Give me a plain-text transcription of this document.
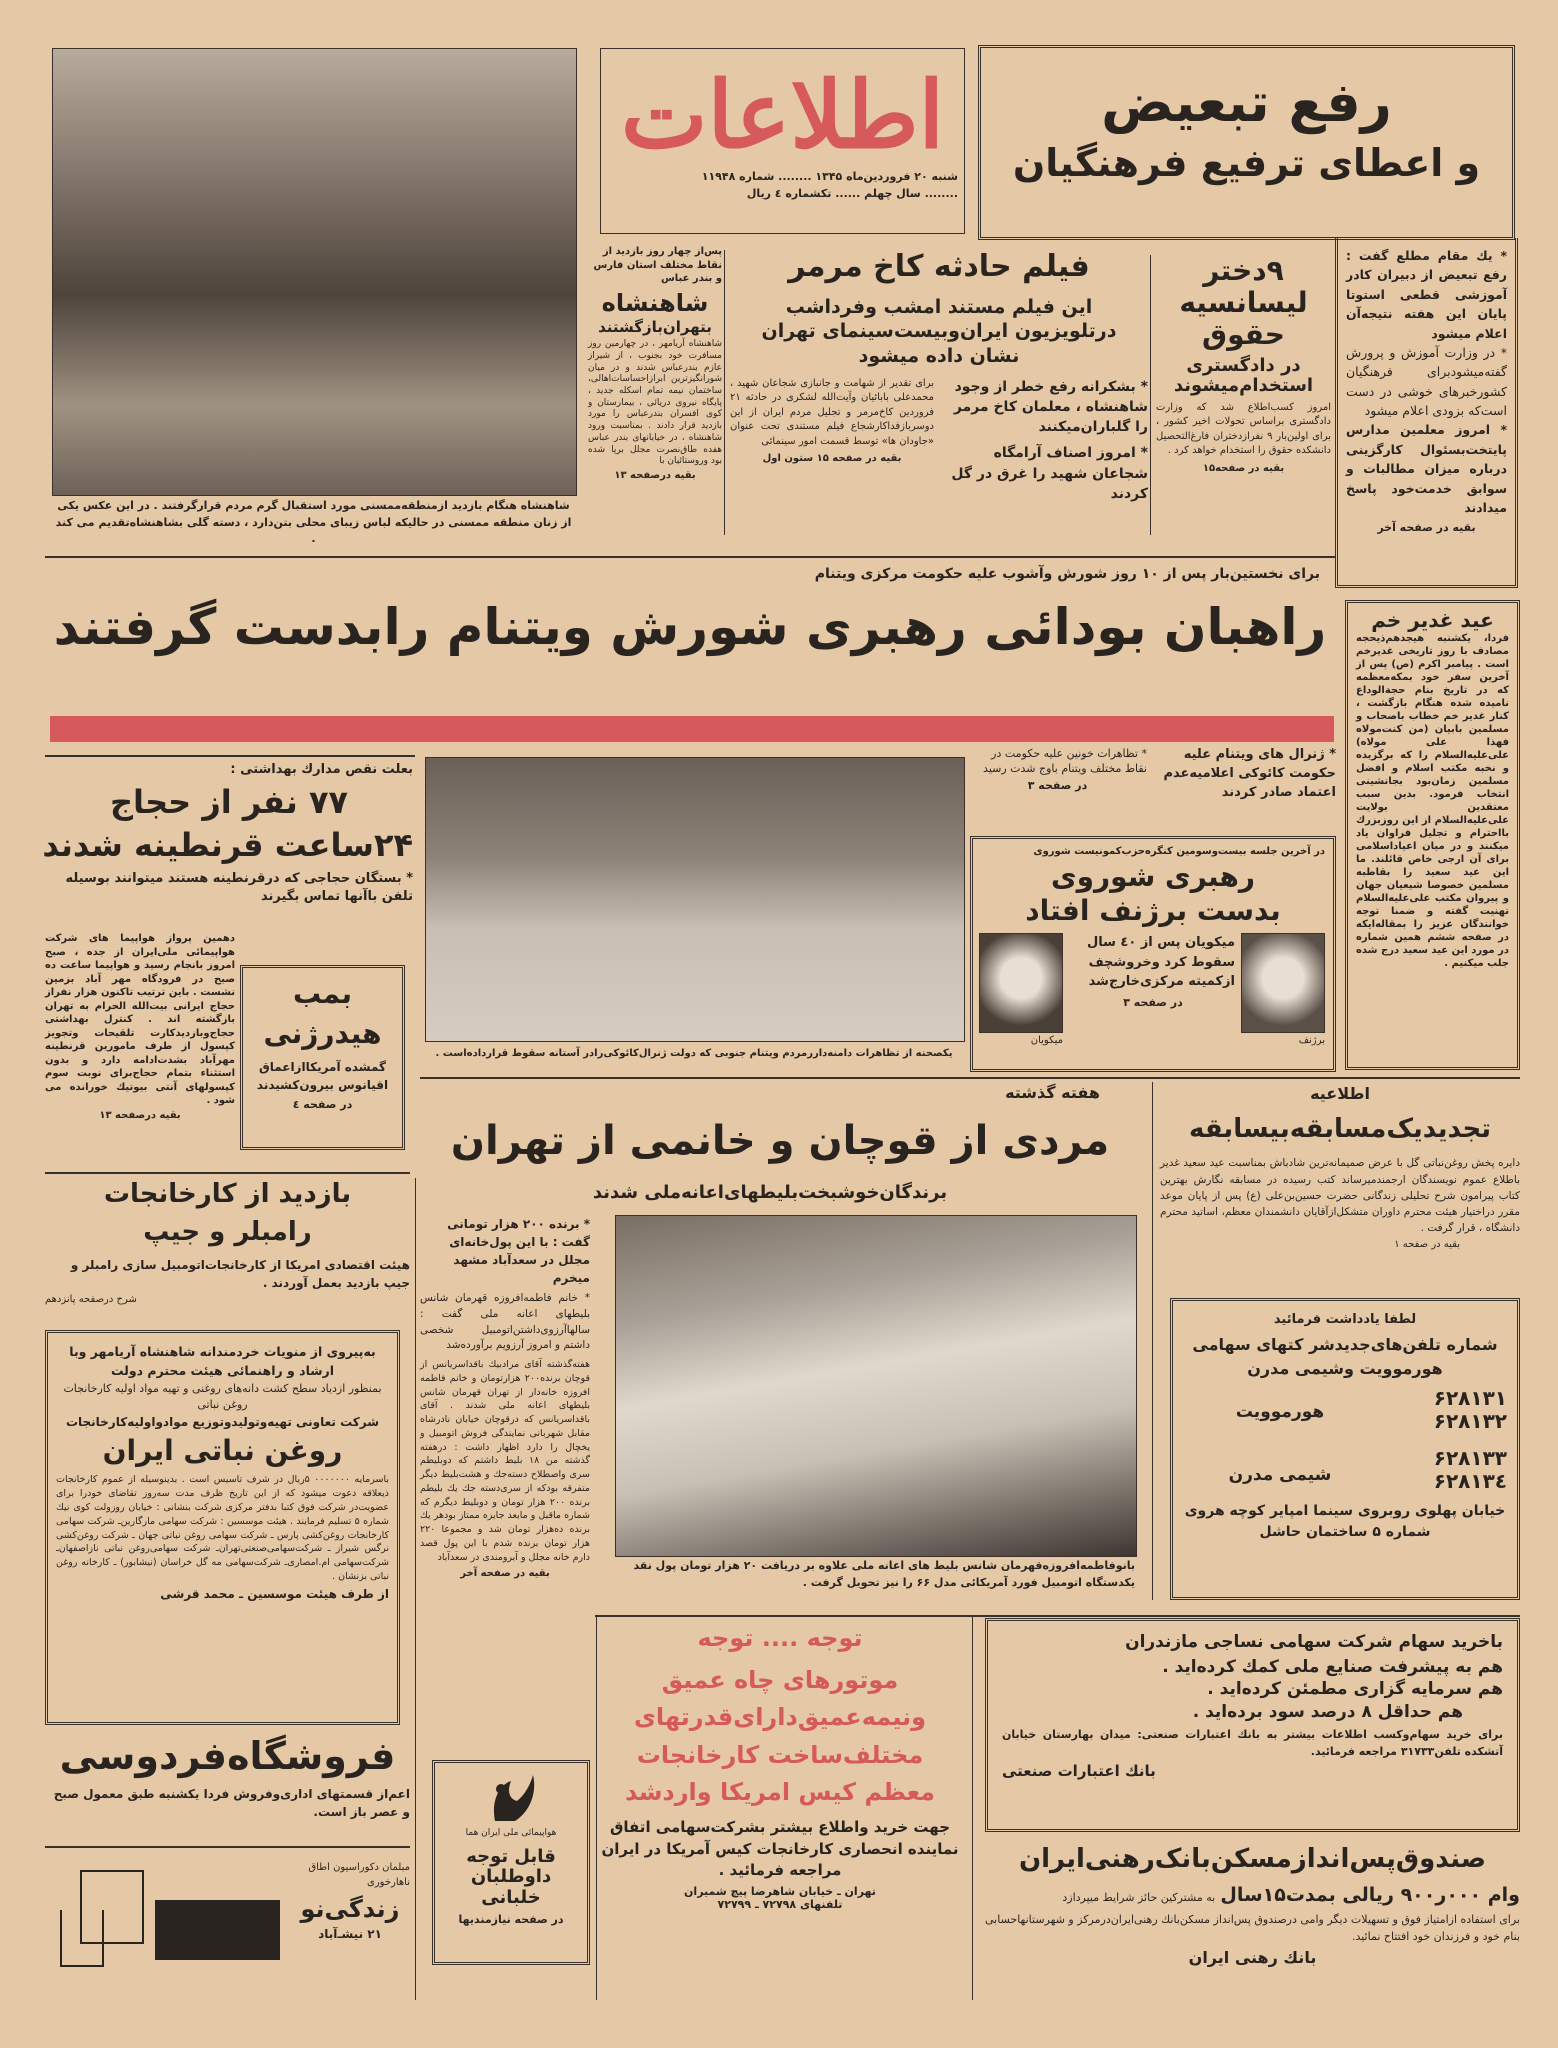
شاهنشاه هنگام بازدید ازمنطقه‌ممسنی مورد استقبال گرم مردم قرارگرفتند . در این عکس یکی از زنان منطقه ممسنی در حالیکه لباس زیبای محلی بتن‌دارد ، دسته گلی بشاهنشاه‌تقدیم می کند .
اطلاعات
شنبه ۲۰ فروردین‌ماه ۱۳۴۵ ........ شماره ۱۱۹۴۸
........ سال چهلم ...... تکشماره ٤ ریال
رفع تبعیض
و اعطای ترفیع فرهنگیان
* یك مقام مطلع گفت : رفع تبعیض از دبیران کادر آموزشی قطعی استوتا پایان این هفته نتیجه‌آن اعلام میشود
* در وزارت آموزش و پرورش گفته‌میشود‌برای فرهنگیان کشورخبرهای خوشی در دست است‌که بزودی اعلام میشود
* امروز معلمین مدارس پایتخت‌بسئوال کارگزینی درباره میزان مطالبات و سوابق خدمت‌خود پاسخ میدادند
بقیه در صفحه آخر
پس‌از چهار روز بازدید از نقاط مختلف استان فارس و بندر عباس
شاهنشاه
بتهران‌بازگشتند
شاهنشاه آریامهر ، در چهارمین روز مسافرت خود بجنوب ، از شیراز عازم بندرعباس شدند و در میان شورانگیزترین ابرازاحساسات‌اهالی، ساختمان نیمه تمام اسکله جدید ، پایگاه نیروی دریائی ، بیمارستان و کوی افسران بندرعباس را مورد بازدید قرار دادند . بمناسبت ورود شاهنشاه ، در خیابانهای بندر عباس هفده طاق‌نصرت مجلل برپا شده بود وروستائیان با
بقیه درصفحه ۱۳
فیلم حادثه کاخ مرمر
این فیلم مستند امشب وفرداشب درتلویزیون ایران‌وبیست‌سینمای تهران نشان داده میشود
* بشکرانه رفع خطر از وجود شاهنشاه ، معلمان کاخ مرمر را گلباران‌میکنند
* امروز اصناف آرامگاه شجاعان شهید را غرق در گل کردند
برای تقدیر از شهامت و جانبازی شجاعان شهید ، محمدعلی بابائیان وآیت‌الله لشکری در حادثه ۲۱ فروردین کاخ‌مرمر و تجلیل مردم ایران از این دوسربازفداکارشجاع فیلم مستندی تحت عنوان «جاودان ها» توسط قسمت امور سینمائی
بقیه در صفحه ۱۵ ستون اول
۹دختر
لیسانسیه
حقوق
در دادگستری
استخدام‌میشوند
امروز کسب‌اطلاع شد که وزارت دادگستری براساس تحولات اخیر کشور ، برای اولین‌بار ۹ نفرازدختران فارغ‌التحصیل دانشکده حقوق را استخدام خواهد کرد .
بقیه در صفحه۱۵
برای نخستین‌بار پس از ۱۰ روز شورش وآشوب علیه حکومت مرکزی ویتنام
راهبان بودائی رهبری شورش ویتنام رابدست گرفتند	عید غدیر خم
فردا، یکشنبه هیجدهم‌ذیحجه مصادف با روز تاریخی غدیرخم است . پیامبر اکرم (ص) پس از آخرین سفر خود بمکه‌معظمه که در تاریخ بنام حجة‌الوداع نامیده شده هنگام بازگشت ، کنار غدیر خم خطاب باصحاب و مسلمین بابیان (من کنت‌مولاه فهذا علی مولاه) علی‌علیه‌السلام را که برگزیده و نخبه مکتب اسلام و افضل مسلمین زمان‌بود بجانشینی انتخاب فرمود. بدین سبب معتقدین بولایت علی‌علیه‌السلام از این روزبزرك بااحترام و تجلیل فراوان یاد میکنند و در میان اعیاداسلامی برای آن ارجی خاص قائلند. ما این عید سعید را بقاطبه مسلمین خصوصا شیعیان جهان و پیروان مکتب علی‌علیه‌السلام تهنیت گفته و ضمنا توجه خوانندگان عزیز را بمقاله‌ایکه در صفحه ششم همین شماره در مورد این عید سعید درج شده جلب میکنیم .
بعلت نقص مدارك بهداشتی :
۷۷ نفر از حجاج
۲۴ساعت قرنطینه شدند
* بستگان حجاجی که درقرنطینه هستند میتوانند بوسیله تلفن باآنها تماس بگیرند
دهمین پرواز هواپیما های شرکت هواپیمائی ملی‌ایران از جده ، صبح امروز بانجام رسید و هواپیما ساعت ده صبح در فرودگاه مهر آباد بزمین نشست . باین ترتیب تاکنون هزار نفراز حجاج ایرانی بیت‌الله الحرام به تهران بازگشته اند . کنترل بهداشتی حجاج‌وبازدیدکارت تلقیحات وتجویز کپسول از طرف مامورین قرنطینه مهرآباد بشدت‌ادامه دارد و بدون استثناء بتمام حجاج‌برای نوبت سوم کپسولهای آنتی بیوتیك خورانده می شود .
بقیه درصفحه ۱۳
بمب
هیدرژنی
گمشده آمریکاازاعماق اقیانوس بیرون‌کشیدند
در صفحه ٤
یکصحنه از تظاهرات دامنه‌داررمردم ویتنام جنوبی که دولت ژنرال‌کائوکی‌رادر آستانه سقوط قرارداده‌است .
* ژنرال های ویتنام علیه حکومت کائوکی اعلامیه‌عدم اعتماد صادر کردند
* تظاهرات خونین علیه حکومت در نقاط مختلف ویتنام باوج شدت رسید
در صفحه ۳
در آخرین جلسه بیست‌وسومین کنگره‌حزب‌کمونیست شوروی
رهبری شوروی
بدست برژنف افتاد
برژنف
میکویان پس از ٤۰ سال سقوط کرد وخروشچف ازکمیته مرکزی‌خارج‌شد
در صفحه ۳
میکویان
هفته گذشته
مردی از قوچان و خانمی از تهران
برندگان‌خوشبخت‌بلیطهای‌اعانه‌ملی شدند
* برنده ۲۰۰ هزار تومانی گفت : با این پول‌خانه‌ای مجلل در سعدآباد مشهد میخرم
* خانم فاطمه‌افروزه قهرمان شانس بلیطهای اعانه ملی گفت : سالها‌آرزوی‌داشتن‌اتومبیل شخصی داشتم و امروز آرزویم برآورده‌شد
هفته‌گذشته آقای مرادبیك باقداسریانس از قوچان برنده‌۲۰۰ هزارتومان و خانم فاطمه افروزه خانه‌دار از تهران قهرمان شانس بلیطهای اعانه ملی شدند . آقای باقداسریانس که درقوچان خیابان نادرشاه مقابل شهربانی نمایندگی فروش اتومبیل و یخچال را دارد اظهار داشت : درهفته گذشته من ۱۸ بلیط داشتم که دوبلیطم سری واصطلاح دسته‌جك و هشت‌بلیط دیگر متفرقه بودکه از سری‌دسته جك یك بلیطم برنده ۲۰۰ هزار تومان و دوبلیط دیگرم که شماره ماقبل و مابعد جایزه ممتاز بودهر یك برنده ده‌هزار تومان شد و مجموعا ۲۲۰ هزار تومان برنده شدم با این پول قصد دارم خانه مجلل و آبرومندی در سعدآباد
بقیه در صفحه آخر
بانوفاطمه‌افروزه‌قهرمان شانس بلیط های اعانه ملی علاوه بر دریافت ۲۰ هزار تومان پول نقد یکدستگاه اتومبیل فورد آمریکائی مدل ۶۶ را نیز تحویل گرفت .
اطلاعیه
تجدیدیک‌مسابقه‌بیسابقه
دایره پخش روغن‌نباتی گل با عرض صمیمانه‌ترین شادباش بمناسبت عید سعید غدیر باطلاع عموم نویسندگان ارجمندمیرساند کتب رسیده در مسابقه نگارش بهترین کتاب پیرامون شرح تحلیلی زندگانی حضرت حسین‌بن‌علی (ع) پس از پایان موعد مقرر دراختیار هیئت محترم داوران متشکل‌ازآقایان دانشمندان معظم، اساتید محترم دانشگاه ، قرار گرفت .
بقیه در صفحه ۱
لطفا یادداشت فرمائید
شماره تلفن‌های‌جدیدشر کتهای سهامی
هورموویت وشیمی مدرن
۶۲۸۱۳۱
۶۲۸۱۳۲
۶۲۸۱۳۳
۶۲۸۱۳٤
هورموویت
شیمی مدرن
خیابان پهلوی روبروی سینما امپایر کوچه هروی شماره ۵ ساختمان حاشل
بازدید از کارخانجات
رامبلر و جیپ
هیئت اقتصادی امریکا از کارخانجات‌اتومبیل سازی رامبلر و جیپ بازدید بعمل آوردند .
شرح درصفحه پانزدهم
به‌پیروی از منویات خردمندانه شاهنشاه آریامهر وبا ارشاد و راهنمائی هیئت محترم دولت
بمنظور ازدیاد سطح کشت دانه‌های روغنی و تهیه مواد اولیه کارخانجات روغن نباتی
شرکت تعاونی تهیه‌وتولیدوتوزیع موادواولیه‌کارخانجات
روغن نباتی ایران
باسرمایه ۰۰۰۰۰۰۰ ۵ریال در شرف تاسیس است . بدینوسیله از عموم کارخانجات ذیعلاقه دعوت میشود که از این تاریخ ظرف مدت سه‌روز تقاضای خودرا برای عضویت‌در شرکت فوق کتبا بدفتر مرکزی شرکت بنشانی : خیابان روزولت کوی نیك شماره ۵ تسلیم فرمایند . هیئت موسسین : شرکت سهامی مارگارین‌ـ شرکت سهامی کارخانجات روغن‌کشی پارس ـ شرکت سهامی روغن نباتی جهان ـ شرکت روغن‌کشی نرگس شیراز ـ شرکت‌سهامی‌صنعتی‌تهران‌ـ شرکت سهامی‌روغن نباتی نازاصفهان‌ـ شرکت‌سهامی ام.امصاری‌ـ شرکت‌سهامی مه گل خراسان (نیشابور) ـ کارخانه روغن نباتی بزنشان .
از طرف هیئت موسسین ـ محمد قرشی
فروشگاه‌فردوسی
اعم‌از قسمتهای اداری‌وفروش فردا یکشنبه طبق معمول صبح و عصر باز است.
مبلمان دکوراسیون اطاق ناهارخوری
زندگی‌نو
۲۱ نیشـ‌آباد
هواپیمائی ملی ایران هما
قابل توجه
داوطلبان خلبانی
در صفحه نیازمندیها
توجه .... توجه
موتورهای چاه عمیق
ونیمه‌عمیق‌دارای‌قدرتهای
مختلف‌ساخت کارخانجات
معظم کیس امریکا واردشد
جهت خرید واطلاع بیشتر بشرکت‌سهامی اتفاق نماینده انحصاری کارخانجات کیس آمریکا در ایران مراجعه فرمائید .
تهران ـ خیابان شاهرضا پیچ شمیران
تلفنهای ۷۲۷۹۸ ـ ۷۲۷۹۹
باخرید سهام شرکت سهامی نساجی مازندران
هم به پیشرفت صنایع ملی کمك کرده‌اید .
هم سرمایه گزاری مطمئن کرده‌اید .
هم حداقل ۸ درصد سود برده‌اید .
برای خرید سهام‌وکسب اطلاعات بیشتر به بانك اعتبارات صنعتی: میدان بهارستان خیابان آتشکده تلفن۳۱۷۳۳ مراجعه فرمائید.
بانك اعتبارات صنعتی
صندوق‌پس‌اندازمسکن‌بانک‌رهنی‌ایران
وام ۰۰۰ر۹۰۰ ریالی بمدت۱۵سال به مشترکین حائز شرایط میپردازد
برای استفاده ازامتیاز فوق و تسهیلات دیگر وامی درصندوق پس‌انداز مسکن‌بانك رهنی‌ایران‌درمرکز و شهرستانها‌حسابی بنام خود و فرزندان خود افتتاح نمائید.
بانك رهنی ایران
